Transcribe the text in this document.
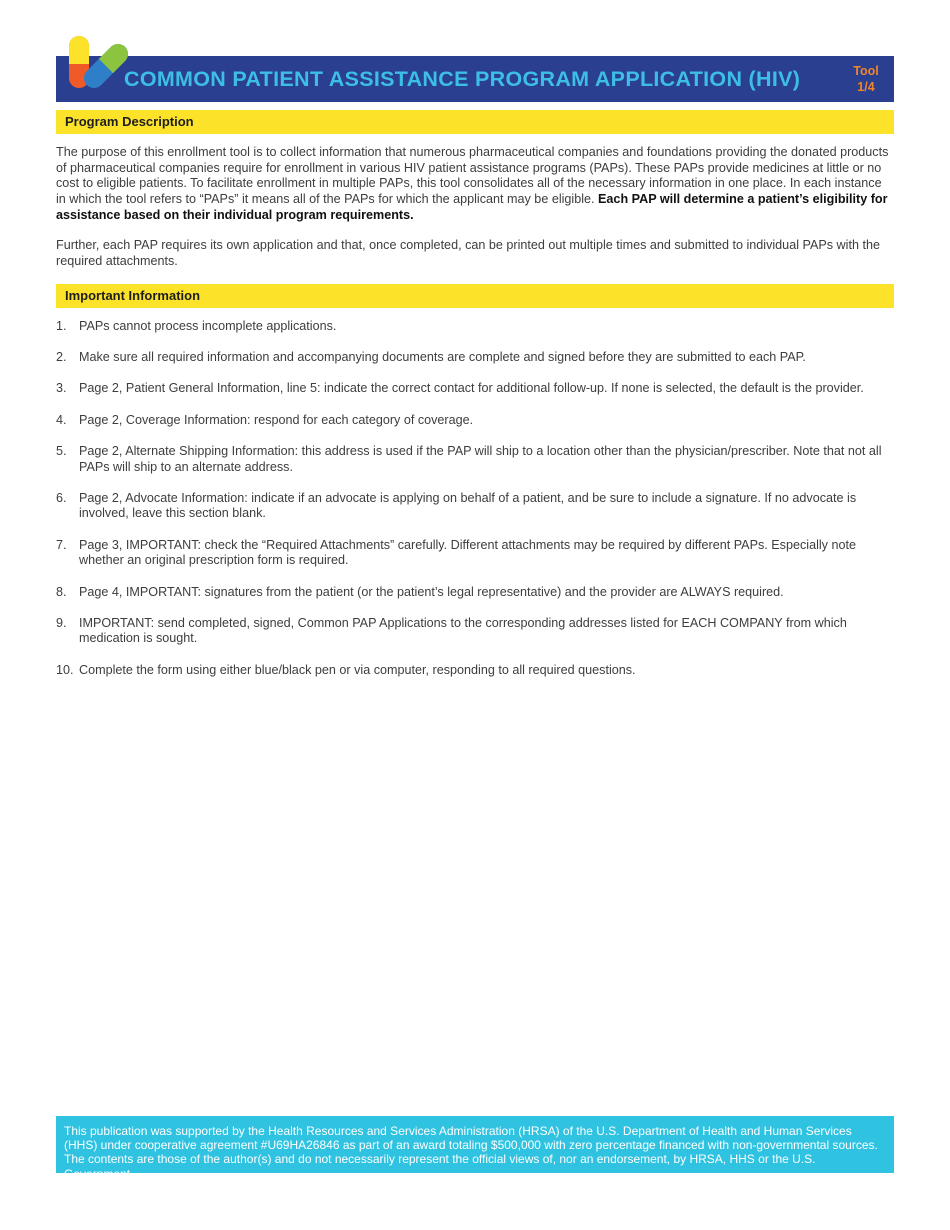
COMMON PATIENT ASSISTANCE PROGRAM APPLICATION (HIV)	Tool
1/4
Program Description

The purpose of this enrollment tool is to collect information that numerous pharmaceutical companies and foundations providing the donated products of pharmaceutical companies require for enrollment in various HIV patient assistance programs (PAPs). These PAPs provide medicines at little or no cost to eligible patients. To facilitate enrollment in multiple PAPs, this tool consolidates all of the necessary information in one place. In each instance in which the tool refers to “PAPs” it means all of the PAPs for which the applicant may be eligible. Each PAP will determine a patient’s eligibility for assistance based on their individual program requirements.

Further, each PAP requires its own application and that, once completed, can be printed out multiple times and submitted to individual PAPs with the required attachments.

Important Information
1. PAPs cannot process incomplete applications.
2. Make sure all required information and accompanying documents are complete and signed before they are submitted to each PAP.
3. Page 2, Patient General Information, line 5: indicate the correct contact for additional follow-up. If none is selected, the default is the provider.
4. Page 2, Coverage Information: respond for each category of coverage.
5. Page 2, Alternate Shipping Information: this address is used if the PAP will ship to a location other than the physician/prescriber. Note that not all PAPs will ship to an alternate address.
6. Page 2, Advocate Information: indicate if an advocate is applying on behalf of a patient, and be sure to include a signature. If no advocate is involved, leave this section blank.
7. Page 3, IMPORTANT: check the “Required Attachments” carefully. Different attachments may be required by different PAPs. Especially note whether an original prescription form is required.
8. Page 4, IMPORTANT: signatures from the patient (or the patient’s legal representative) and the provider are ALWAYS required.
9. IMPORTANT: send completed, signed, Common PAP Applications to the corresponding addresses listed for EACH COMPANY from which medication is sought.
10. Complete the form using either blue/black pen or via computer, responding to all required questions.
This publication was supported by the Health Resources and Services Administration (HRSA) of the U.S. Department of Health and Human Services (HHS) under cooperative agreement #U69HA26846 as part of an award totaling $500,000 with zero percentage financed with non-governmental sources. The contents are those of the author(s) and do not necessarily represent the official views of, nor an endorsement, by HRSA, HHS or the U.S. Government.
